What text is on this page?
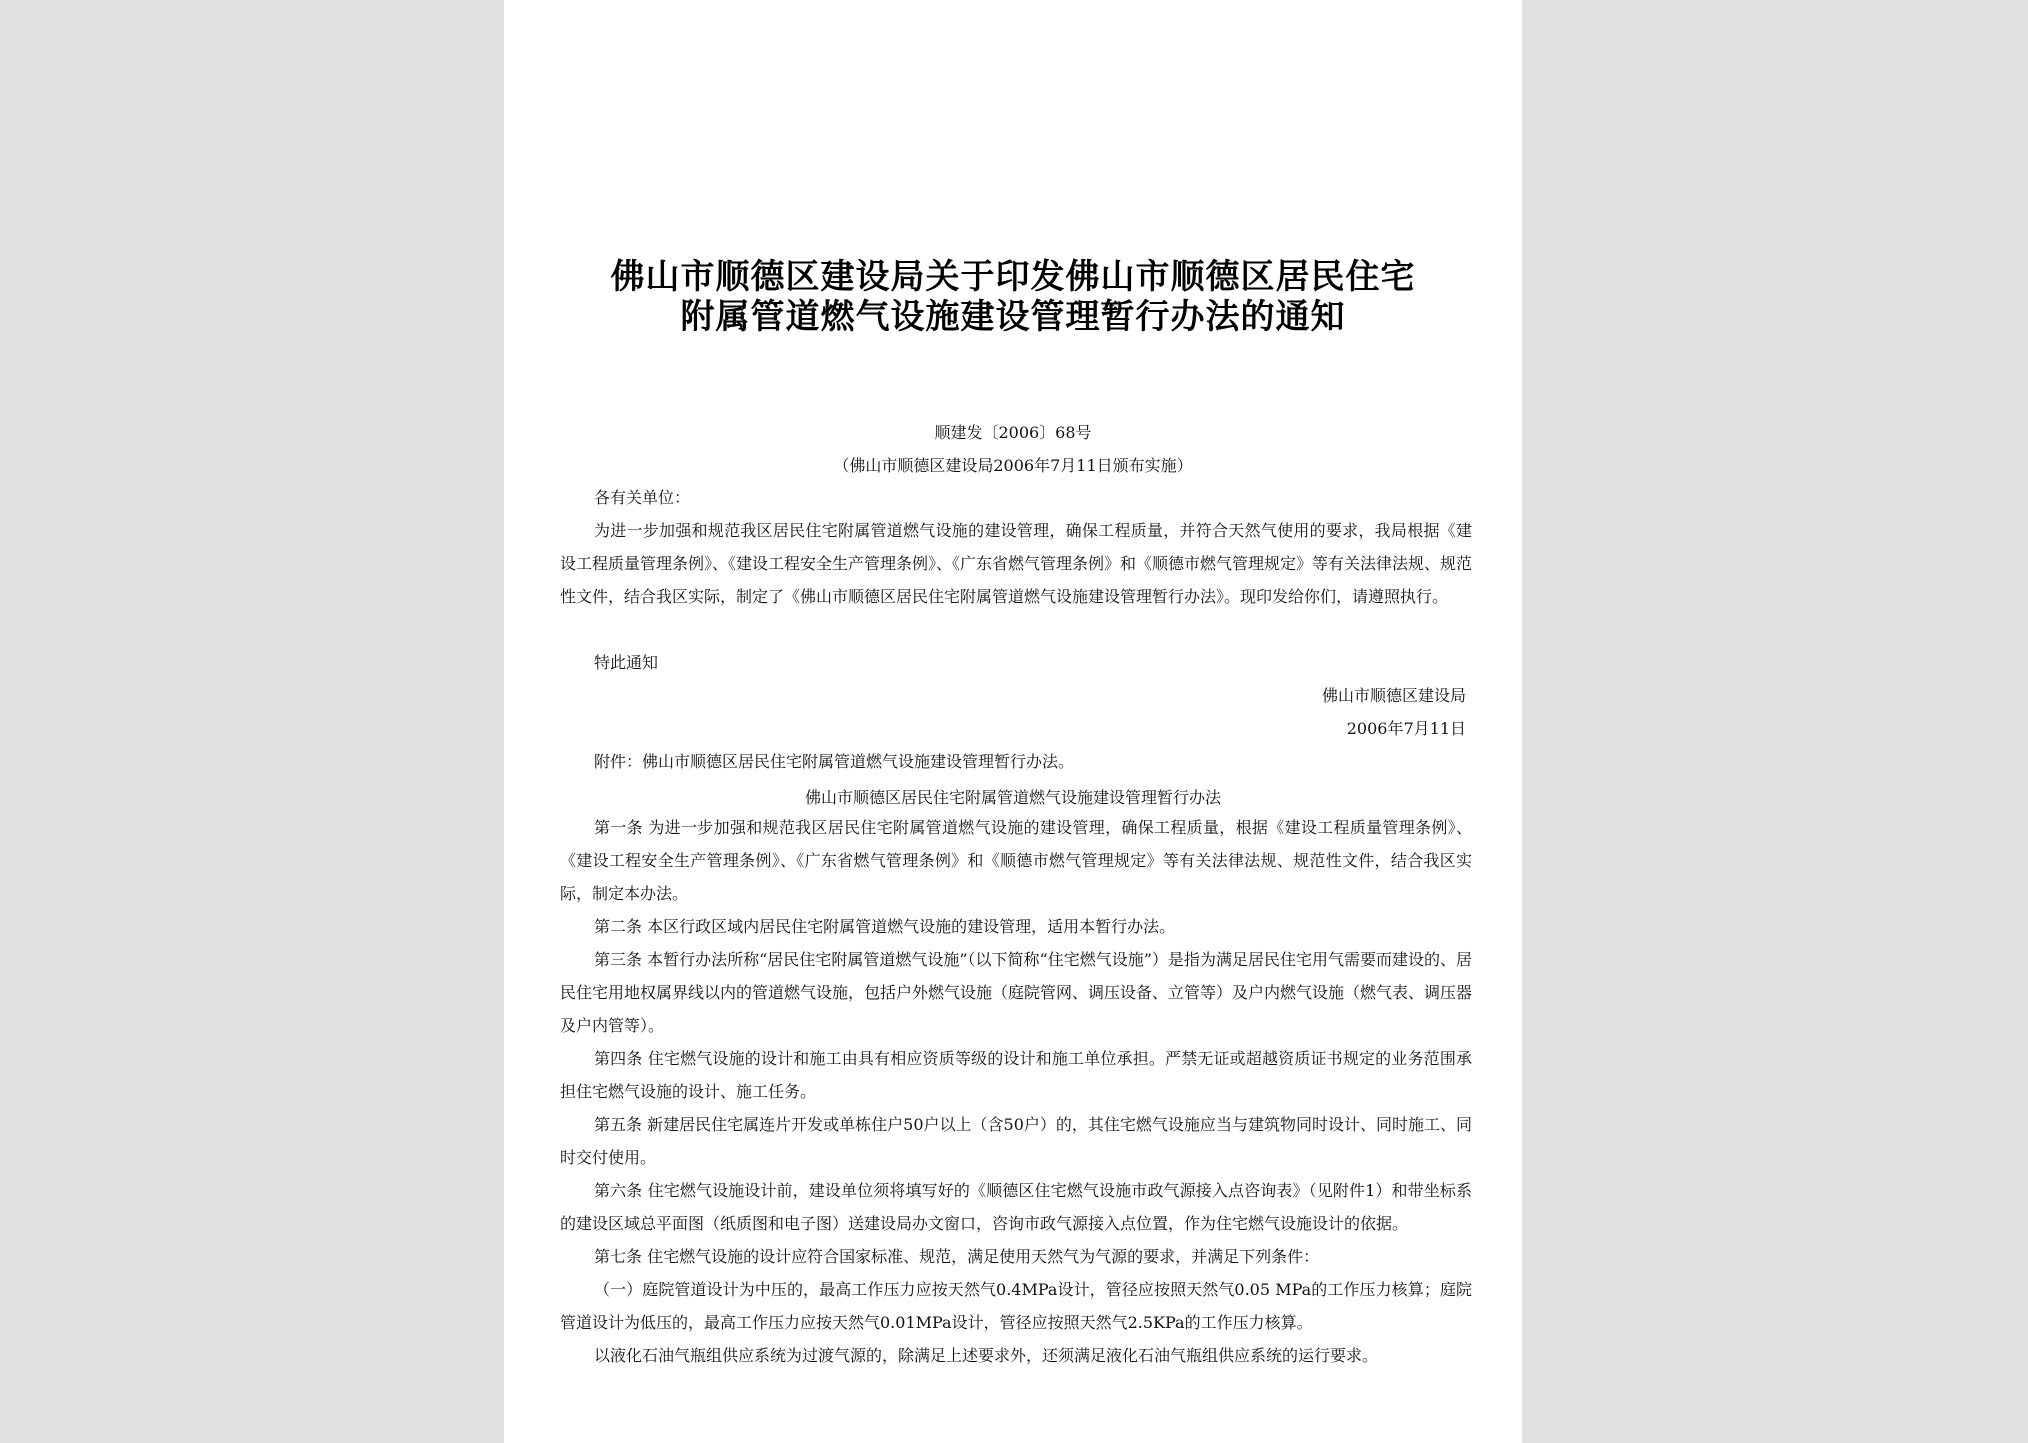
佛山市顺德区建设局关于印发佛山市顺德区居民住宅
附属管道燃气设施建设管理暂行办法的通知
顺建发〔2006〕68号
（佛山市顺德区建设局2006年7月11日颁布实施）
各有关单位：
为进一步加强和规范我区居民住宅附属管道燃气设施的建设管理，确保工程质量，并符合天然气使用的要求，我局根据《建设工程质量管理条例》、《建设工程安全生产管理条例》、《广东省燃气管理条例》和《顺德市燃气管理规定》等有关法律法规、规范性文件，结合我区实际，制定了《佛山市顺德区居民住宅附属管道燃气设施建设管理暂行办法》。现印发给你们，请遵照执行。
特此通知
佛山市顺德区建设局
2006年7月11日
附件：佛山市顺德区居民住宅附属管道燃气设施建设管理暂行办法。
佛山市顺德区居民住宅附属管道燃气设施建设管理暂行办法
第一条 为进一步加强和规范我区居民住宅附属管道燃气设施的建设管理，确保工程质量，根据《建设工程质量管理条例》、《建设工程安全生产管理条例》、《广东省燃气管理条例》和《顺德市燃气管理规定》等有关法律法规、规范性文件，结合我区实际，制定本办法。
第二条 本区行政区域内居民住宅附属管道燃气设施的建设管理，适用本暂行办法。
第三条 本暂行办法所称“居民住宅附属管道燃气设施”（以下简称“住宅燃气设施”）是指为满足居民住宅用气需要而建设的、居民住宅用地权属界线以内的管道燃气设施，包括户外燃气设施（庭院管网、调压设备、立管等）及户内燃气设施（燃气表、调压器及户内管等）。
第四条 住宅燃气设施的设计和施工由具有相应资质等级的设计和施工单位承担。严禁无证或超越资质证书规定的业务范围承担住宅燃气设施的设计、施工任务。
第五条 新建居民住宅属连片开发或单栋住户50户以上（含50户）的，其住宅燃气设施应当与建筑物同时设计、同时施工、同时交付使用。
第六条 住宅燃气设施设计前，建设单位须将填写好的《顺德区住宅燃气设施市政气源接入点咨询表》（见附件1）和带坐标系的建设区域总平面图（纸质图和电子图）送建设局办文窗口，咨询市政气源接入点位置，作为住宅燃气设施设计的依据。
第七条 住宅燃气设施的设计应符合国家标准、规范，满足使用天然气为气源的要求，并满足下列条件：
（一）庭院管道设计为中压的，最高工作压力应按天然气0.4MPa设计，管径应按照天然气0.05 MPa的工作压力核算；庭院管道设计为低压的，最高工作压力应按天然气0.01MPa设计，管径应按照天然气2.5KPa的工作压力核算。
以液化石油气瓶组供应系统为过渡气源的，除满足上述要求外，还须满足液化石油气瓶组供应系统的运行要求。
